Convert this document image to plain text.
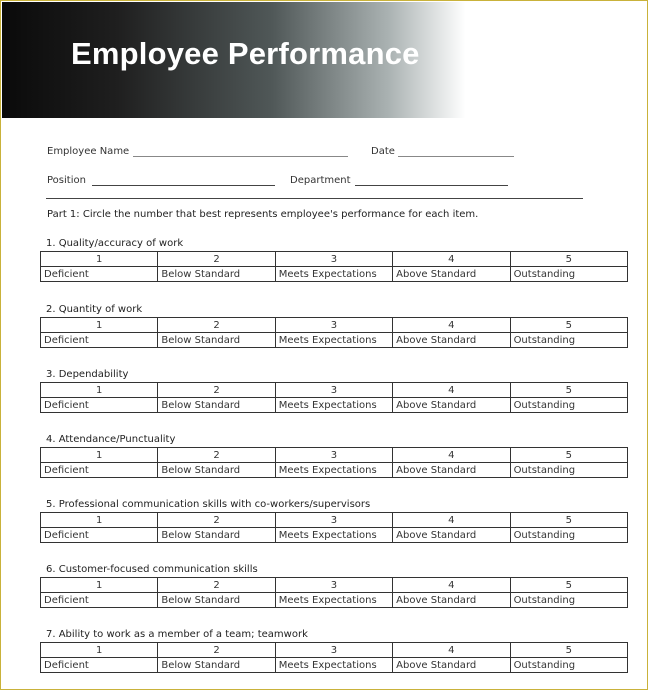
Employee Performance
Employee Name	Date
Position	Department
Part 1: Circle the number that best represents employee's performance for each item.
1. Quality/accuracy of work
1	2	3	4	5
Deficient	Below Standard	Meets Expectations	Above Standard	Outstanding
2. Quantity of work
1	2	3	4	5
Deficient	Below Standard	Meets Expectations	Above Standard	Outstanding
3. Dependability
1	2	3	4	5
Deficient	Below Standard	Meets Expectations	Above Standard	Outstanding
4. Attendance/Punctuality
1	2	3	4	5
Deficient	Below Standard	Meets Expectations	Above Standard	Outstanding
5. Professional communication skills with co-workers/supervisors
1	2	3	4	5
Deficient	Below Standard	Meets Expectations	Above Standard	Outstanding
6. Customer-focused communication skills
1	2	3	4	5
Deficient	Below Standard	Meets Expectations	Above Standard	Outstanding
7. Ability to work as a member of a team; teamwork
1	2	3	4	5
Deficient	Below Standard	Meets Expectations	Above Standard	Outstanding
